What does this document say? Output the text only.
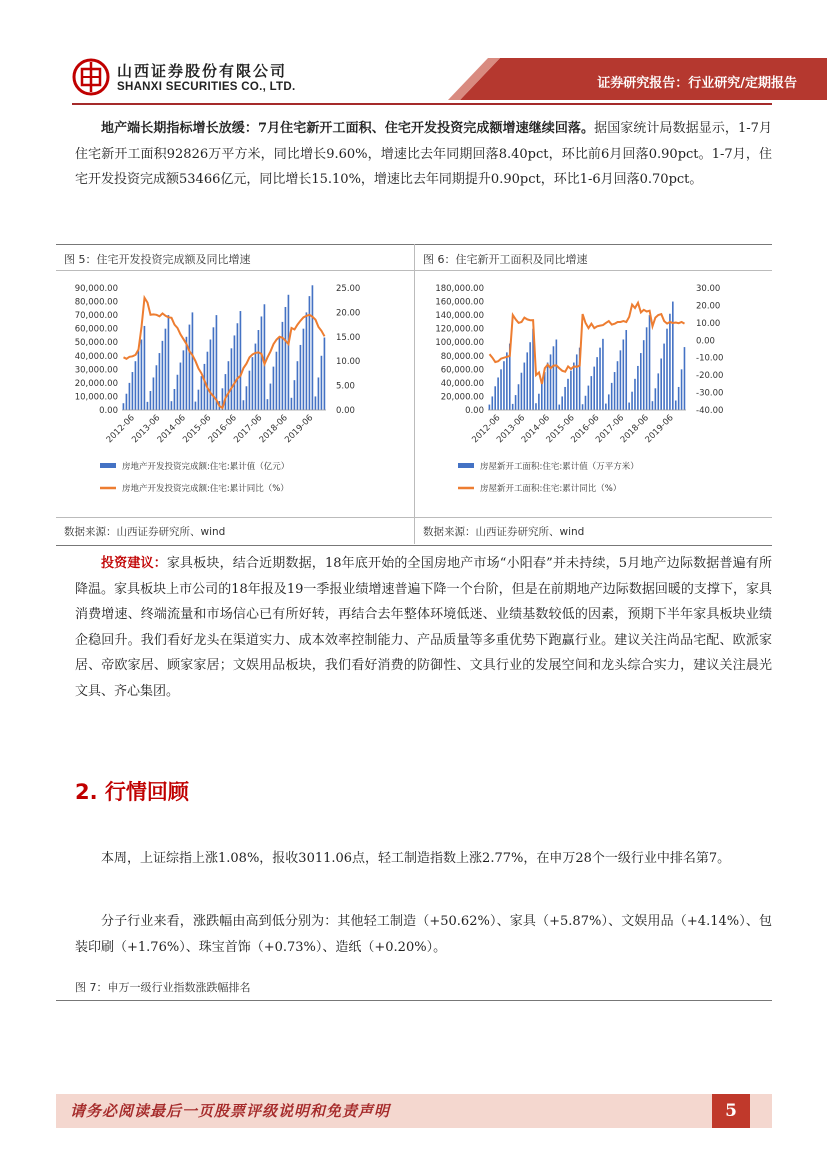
山西证券股份有限公司
SHANXI SECURITIES CO., LTD.	证券研究报告：行业研究/定期报告
地产端长期指标增长放缓：7月住宅新开工面积、住宅开发投资完成额增速继续回落。据国家统计局数据显示，1-7月住宅新开工面积92826万平方米，同比增长9.60%，增速比去年同期回落8.40pct，环比前6月回落0.90pct。1-7月，住宅开发投资完成额53466亿元，同比增长15.10%，增速比去年同期提升0.90pct，环比1-6月回落0.70pct。
图 5：住宅开发投资完成额及同比增速	图 6：住宅新开工面积及同比增速
数据来源：山西证券研究所、wind	数据来源：山西证券研究所、wind
90,000.00
80,000.00
70,000.00
60,000.00
50,000.00
40,000.00
30,000.00
20,000.00
10,000.00
0.00
25.00
20.00
15.00
10.00
5.00
0.00
2012-06
2013-06
2014-06
2015-06
2016-06
2017-06
2018-06
2019-06
房地产开发投资完成额:住宅:累计值（亿元）
房地产开发投资完成额:住宅:累计同比（%）
180,000.00
160,000.00
140,000.00
120,000.00
100,000.00
80,000.00
60,000.00
40,000.00
20,000.00
0.00
30.00
20.00
10.00
0.00
-10.00
-20.00
-30.00
-40.00
2012-06
2013-06
2014-06
2015-06
2016-06
2017-06
2018-06
2019-06
房屋新开工面积:住宅:累计值（万平方米）
房屋新开工面积:住宅:累计同比（%）
投资建议：家具板块，结合近期数据，18年底开始的全国房地产市场“小阳春”并未持续，5月地产边际数据普遍有所降温。家具板块上市公司的18年报及19一季报业绩增速普遍下降一个台阶，但是在前期地产边际数据回暖的支撑下，家具消费增速、终端流量和市场信心已有所好转，再结合去年整体环境低迷、业绩基数较低的因素，预期下半年家具板块业绩企稳回升。我们看好龙头在渠道实力、成本效率控制能力、产品质量等多重优势下跑赢行业。建议关注尚品宅配、欧派家居、帝欧家居、顾家家居；文娱用品板块，我们看好消费的防御性、文具行业的发展空间和龙头综合实力，建议关注晨光文具、齐心集团。
2. 行情回顾
本周，上证综指上涨1.08%，报收3011.06点，轻工制造指数上涨2.77%，在申万28个一级行业中排名第7。
分子行业来看，涨跌幅由高到低分别为：其他轻工制造（+50.62%）、家具（+5.87%）、文娱用品（+4.14%）、包装印刷（+1.76%）、珠宝首饰（+0.73%）、造纸（+0.20%）。
图 7：申万一级行业指数涨跌幅排名
请务必阅读最后一页股票评级说明和免责声明	5
